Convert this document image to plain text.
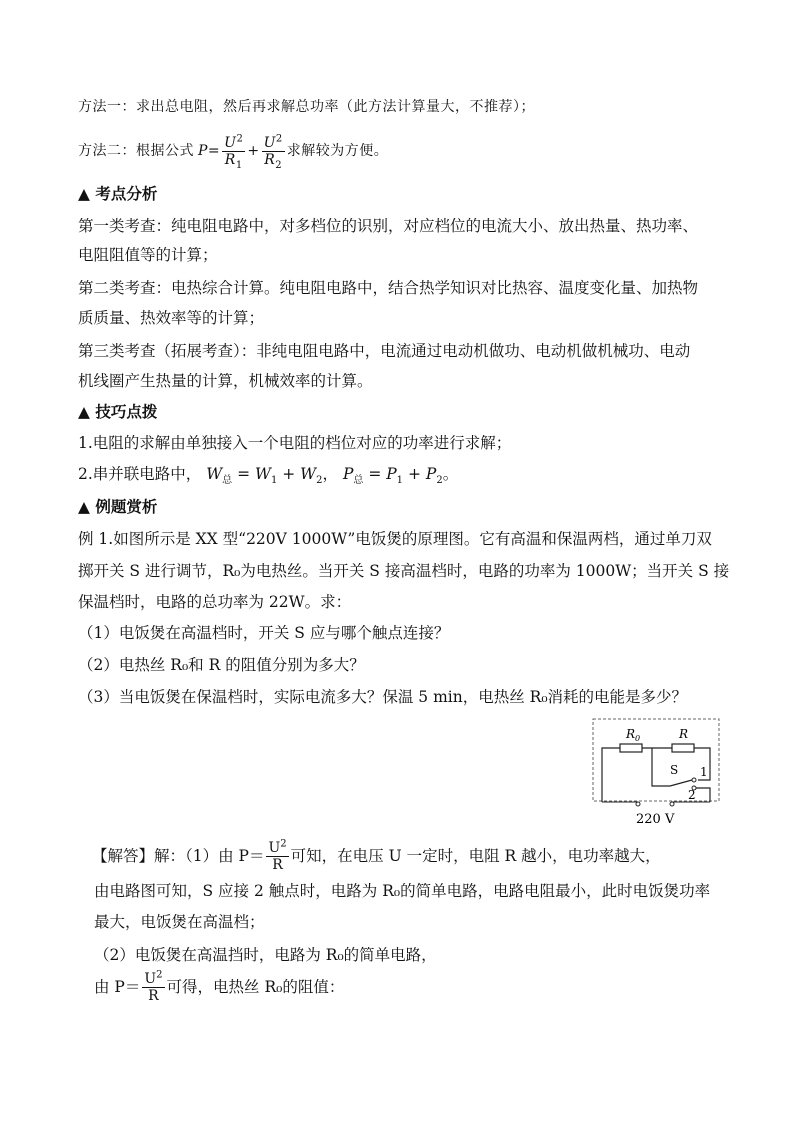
方法一：求出总电阻，然后再求解总功率（此方法计算量大，不推荐）；
方法二：根据公式 $P = \frac{U^2}{R_1} + \frac{U^2}{R_2}$ 求解较为方便。
▲ 考点分析
第一类考查：纯电阻电路中，对多档位的识别，对应档位的电流大小、放出热量、热功率、
电阻阻值等的计算；
第二类考查：电热综合计算。纯电阻电路中，结合热学知识对比热容、温度变化量、加热物
质质量、热效率等的计算；
第三类考查（拓展考查）：非纯电阻电路中，电流通过电动机做功、电动机做机械功、电动
机线圈产生热量的计算，机械效率的计算。
▲ 技巧点拨
1.电阻的求解由单独接入一个电阻的档位对应的功率进行求解；
2.串并联电路中， $W_总 = W_1 + W_2$， $P_总 = P_1 + P_2$。
▲ 例题赏析
例 1.如图所示是 XX 型“220V 1000W”电饭煲的原理图。它有高温和保温两档，通过单刀双
掷开关 S 进行调节，R₀为电热丝。当开关 S 接高温档时，电路的功率为 1000W；当开关 S 接
保温档时，电路的总功率为 22W。求：
（1）电饭煲在高温档时，开关 S 应与哪个触点连接？
（2）电热丝 R₀和 R 的阻值分别为多大？
（3）当电饭煲在保温档时，实际电流多大？保温 5 min，电热丝 R₀消耗的电能是多少？
$R_0$	R
S 1
2
220 V
【解答】解：（1）由 $P= \frac{U^2}{R}$ 可知，在电压 U 一定时，电阻 R 越小，电功率越大，
由电路图可知，S 应接 2 触点时，电路为 R₀的简单电路，电路电阻最小，此时电饭煲功率
最大，电饭煲在高温档；
（2）电饭煲在高温挡时，电路为 R₀的简单电路，
由 $P= \frac{U^2}{R}$ 可得，电热丝 R₀的阻值：
